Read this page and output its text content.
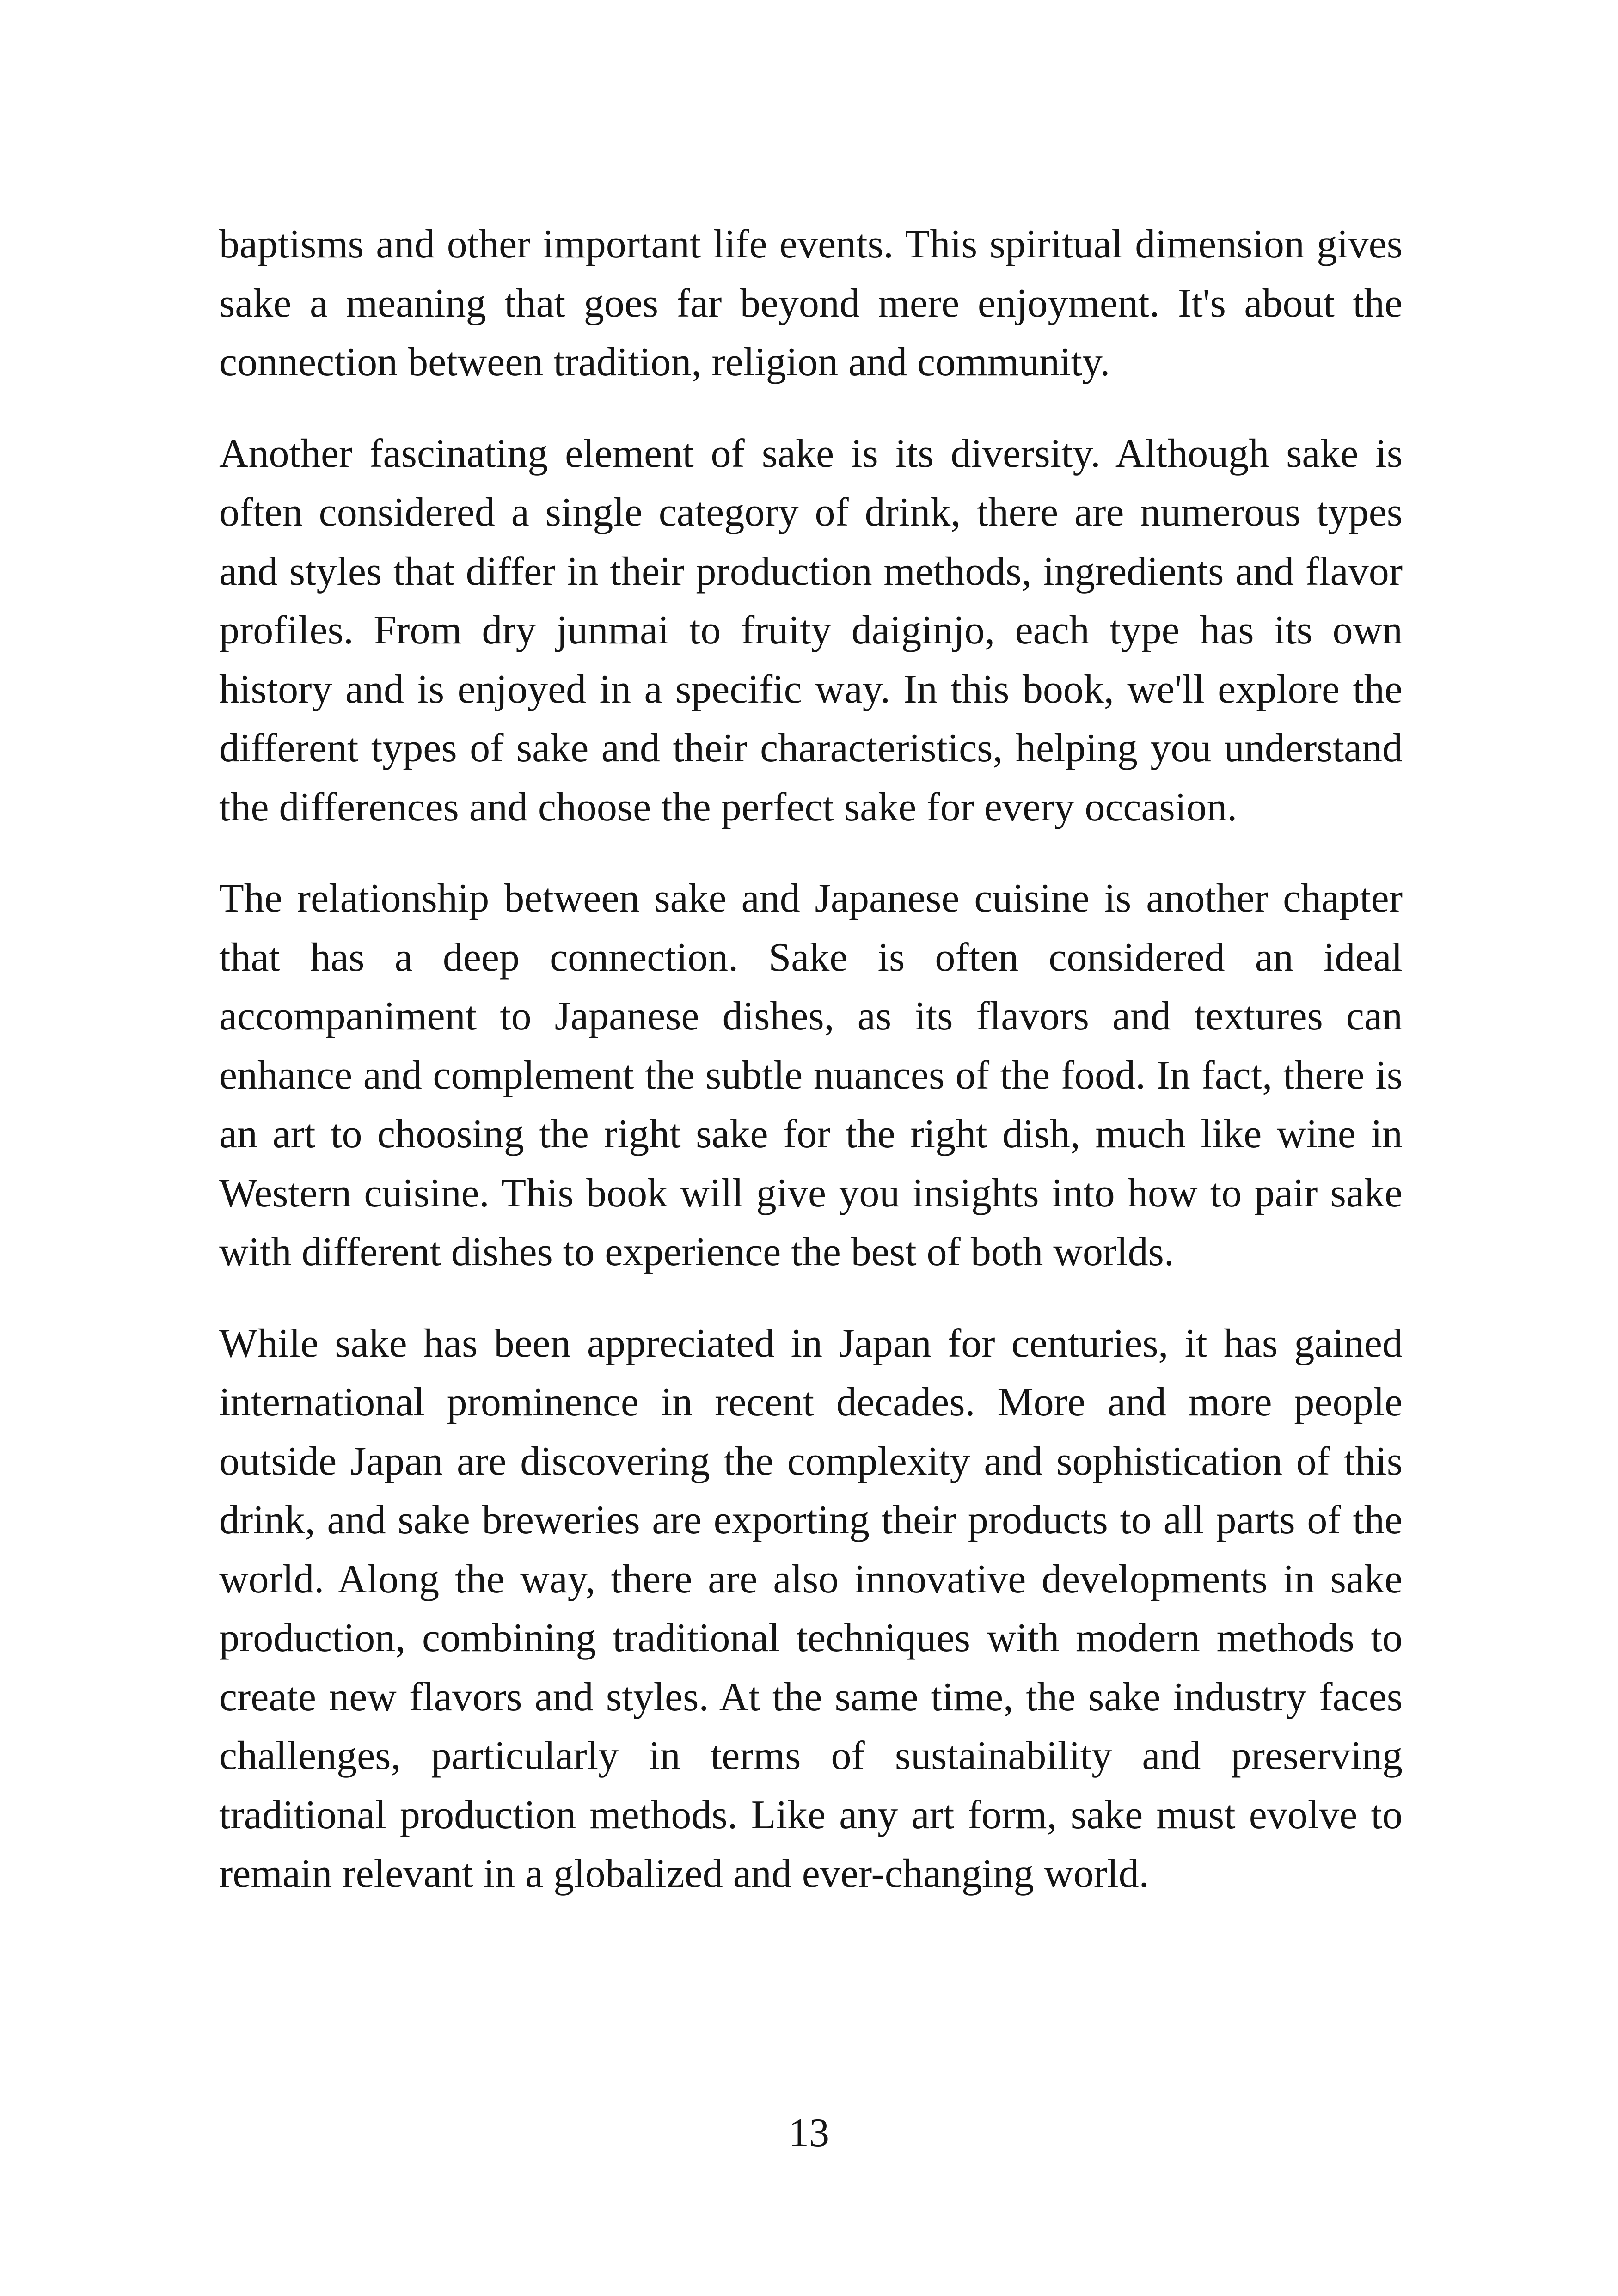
baptisms and other important life events. This spiritual dimension gives sake a meaning that goes far beyond mere enjoyment. It's about the connection between tradition, religion and community.

Another fascinating element of sake is its diversity. Although sake is often considered a single category of drink, there are numerous types and styles that differ in their production methods, ingredients and flavor profiles. From dry junmai to fruity daiginjo, each type has its own history and is enjoyed in a specific way. In this book, we'll explore the different types of sake and their characteristics, helping you understand the differences and choose the perfect sake for every occasion.

The relationship between sake and Japanese cuisine is another chapter that has a deep connection. Sake is often considered an ideal accompaniment to Japanese dishes, as its flavors and textures can enhance and complement the subtle nuances of the food. In fact, there is an art to choosing the right sake for the right dish, much like wine in Western cuisine. This book will give you insights into how to pair sake with different dishes to experience the best of both worlds.

While sake has been appreciated in Japan for centuries, it has gained international prominence in recent decades. More and more people outside Japan are discovering the complexity and sophistication of this drink, and sake breweries are exporting their products to all parts of the world. Along the way, there are also innovative developments in sake production, combining traditional techniques with modern methods to create new flavors and styles. At the same time, the sake industry faces challenges, particularly in terms of sustainability and preserving traditional production methods. Like any art form, sake must evolve to remain relevant in a globalized and ever-changing world.

13
